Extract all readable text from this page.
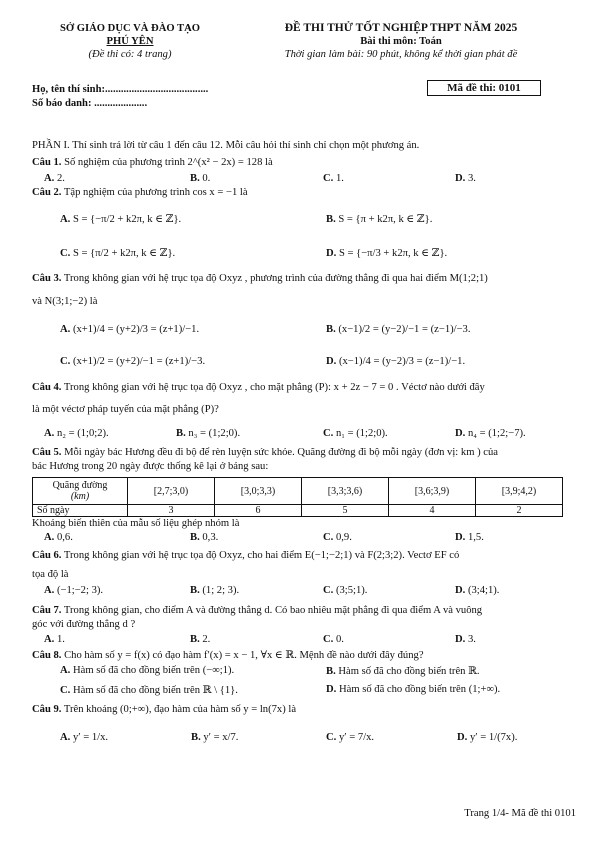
SỞ GIÁO DỤC VÀ ĐÀO TẠO
PHÚ YÊN
(Đề thi có: 4 trang)
ĐỀ THI THỬ TỐT NGHIỆP THPT NĂM 2025
Bài thi môn: Toán
Thời gian làm bài: 90 phút, không kể thời gian phát đề
Họ, tên thí sinh:.......................................
Số báo danh: ....................
Mã đề thi: 0101
PHẦN I. Thí sinh trả lời từ câu 1 đến câu 12. Mỗi câu hỏi thí sinh chỉ chọn một phương án.
Câu 1. Số nghiệm của phương trình 2^(x² − 2x) = 128 là
A. 2.	B. 0.	C. 1.	D. 3.
Câu 2. Tập nghiệm của phương trình cos x = −1 là
A. S = {−π/2 + k2π, k ∈ ℤ}.	B. S = {π + k2π, k ∈ ℤ}.
C. S = {π/2 + k2π, k ∈ ℤ}.	D. S = {−π/3 + k2π, k ∈ ℤ}.
Câu 3. Trong không gian với hệ trục tọa độ Oxyz , phương trình của đường thẳng đi qua hai điểm M(1;2;1)
và N(3;1;−2) là
A. (x+1)/4 = (y+2)/3 = (z+1)/−1.	B. (x−1)/2 = (y−2)/−1 = (z−1)/−3.
C. (x+1)/2 = (y+2)/−1 = (z+1)/−3.	D. (x−1)/4 = (y−2)/3 = (z−1)/−1.
Câu 4. Trong không gian với hệ trục tọa độ Oxyz , cho mặt phẳng (P): x + 2z − 7 = 0 . Véctơ nào dưới đây
là một véctơ pháp tuyến của mặt phẳng (P)?
A. n₂ = (1;0;2).	B. n₃ = (1;2;0).	C. n₁ = (1;2;0).	D. n₄ = (1;2;−7).
Câu 5. Mỗi ngày bác Hương đều đi bộ để rèn luyện sức khỏe. Quãng đường đi bộ mỗi ngày (đơn vị: km ) của
bác Hương trong 20 ngày được thống kê lại ở bảng sau:
Quãng đường
(km)	[2,7;3,0)	[3,0;3,3)	[3,3;3,6)	[3,6;3,9)	[3,9;4,2)
Số ngày	3	6	5	4	2
Khoảng biến thiên của mẫu số liệu ghép nhóm là
A. 0,6.	B. 0,3.	C. 0,9.	D. 1,5.
Câu 6. Trong không gian với hệ trục tọa độ Oxyz, cho hai điểm E(−1;−2;1) và F(2;3;2). Vectơ EF có
tọa độ là
A. (−1;−2; 3).	B. (1; 2; 3).	C. (3;5;1).	D. (3;4;1).
Câu 7. Trong không gian, cho điểm A và đường thẳng d. Có bao nhiêu mặt phẳng đi qua điểm A và vuông
góc với đường thẳng d ?
A. 1.	B. 2.	C. 0.	D. 3.
Câu 8. Cho hàm số y = f(x) có đạo hàm f′(x) = x − 1, ∀x ∈ ℝ. Mệnh đề nào dưới đây đúng?
A. Hàm số đã cho đồng biến trên (−∞;1).	B. Hàm số đã cho đồng biến trên ℝ.
C. Hàm số đã cho đồng biến trên ℝ \ {1}.	D. Hàm số đã cho đồng biến trên (1;+∞).
Câu 9. Trên khoảng (0;+∞), đạo hàm của hàm số y = ln(7x) là
A. y′ = 1/x.	B. y′ = x/7.	C. y′ = 7/x.	D. y′ = 1/(7x).
Trang 1/4- Mã đề thi 0101
